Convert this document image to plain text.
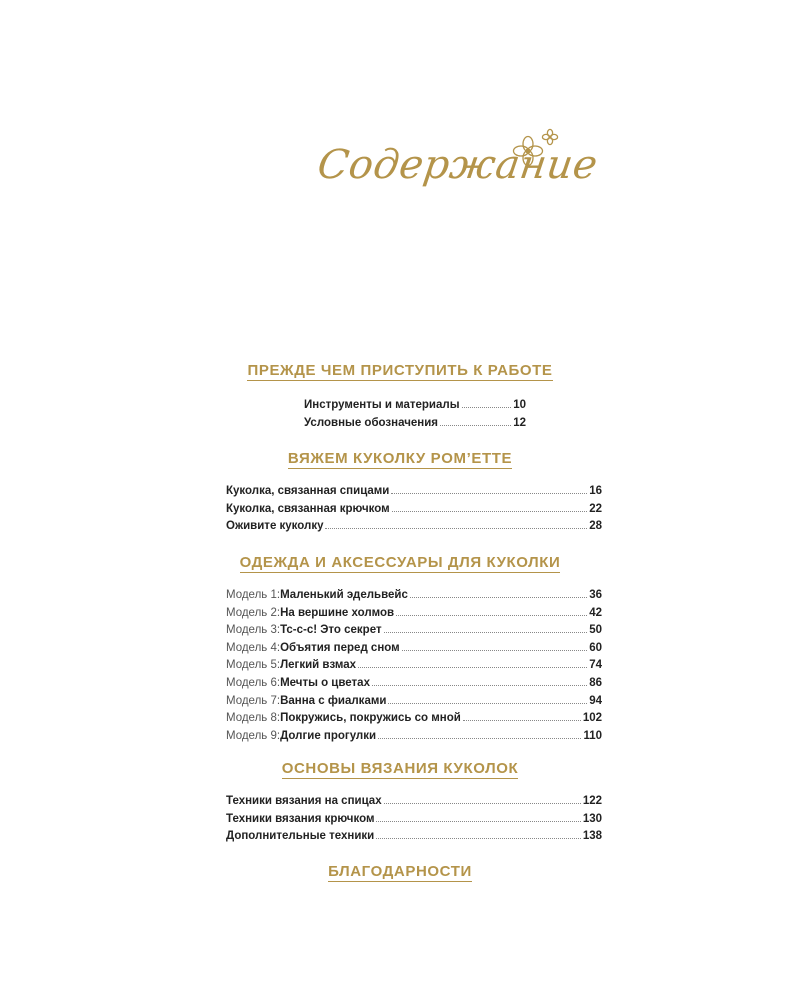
Содержание
ПРЕЖДЕ ЧЕМ ПРИСТУПИТЬ К РАБОТЕ
Инструменты и материалы	10
Условные обозначения	12
ВЯЖЕМ КУКОЛКУ POM’ETTE
Куколка, связанная спицами	16
Куколка, связанная крючком	22
Оживите куколку	28
ОДЕЖДА И АКСЕССУАРЫ ДЛЯ КУКОЛКИ
Модель 1: Маленький эдельвейс	36
Модель 2: На вершине холмов	42
Модель 3: Тс-с-с! Это секрет	50
Модель 4: Объятия перед сном	60
Модель 5: Легкий взмах	74
Модель 6: Мечты о цветах	86
Модель 7: Ванна с фиалками	94
Модель 8: Покружись, покружись со мной	102
Модель 9: Долгие прогулки	110
ОСНОВЫ ВЯЗАНИЯ КУКОЛОК
Техники вязания на спицах	122
Техники вязания крючком	130
Дополнительные техники	138
БЛАГОДАРНОСТИ
